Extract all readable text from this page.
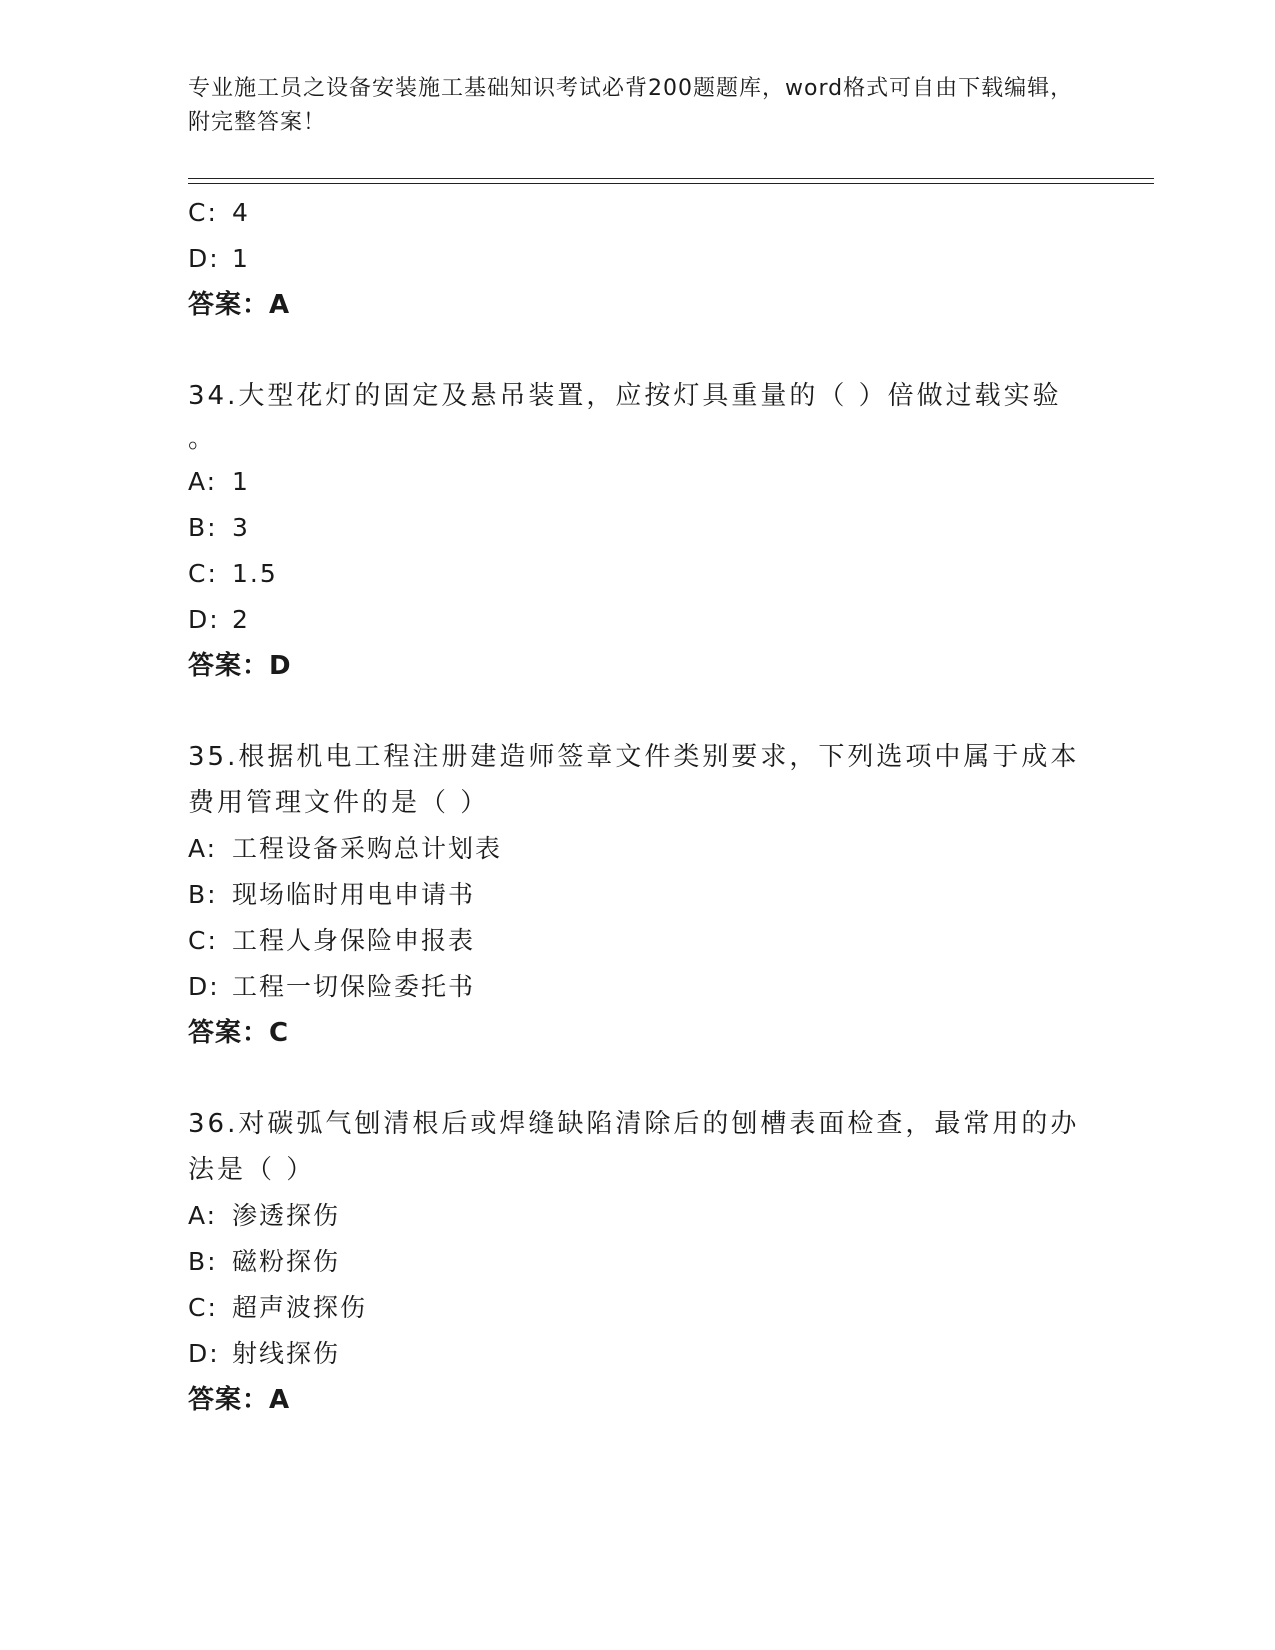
专业施工员之设备安装施工基础知识考试必背200题题库，word格式可自由下载编辑，附完整答案！
C: 4
D: 1
答案：A
34.大型花灯的固定及悬吊装置，应按灯具重量的（ ）倍做过载实验
。
A: 1
B: 3
C: 1.5
D: 2
答案：D
35.根据机电工程注册建造师签章文件类别要求，下列选项中属于成本
费用管理文件的是（ ）
A: 工程设备采购总计划表
B: 现场临时用电申请书
C: 工程人身保险申报表
D: 工程一切保险委托书
答案：C
36.对碳弧气刨清根后或焊缝缺陷清除后的刨槽表面检查，最常用的办
法是（ ）
A: 渗透探伤
B: 磁粉探伤
C: 超声波探伤
D: 射线探伤
答案：A
